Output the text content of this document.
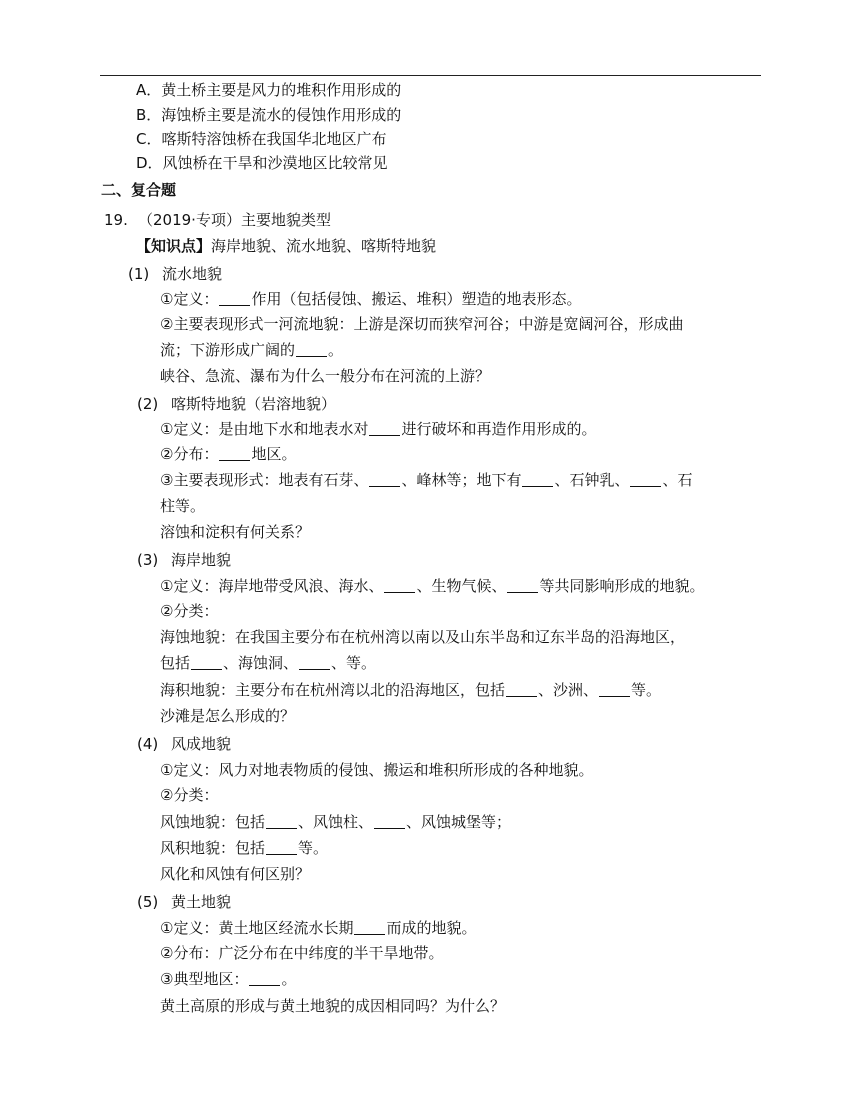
A．黄土桥主要是风力的堆积作用形成的
B．海蚀桥主要是流水的侵蚀作用形成的
C．喀斯特溶蚀桥在我国华北地区广布
D．风蚀桥在干旱和沙漠地区比较常见
二、复合题
19. （2019·专项）主要地貌类型
【知识点】海岸地貌、流水地貌、喀斯特地貌
(1) 流水地貌
①定义： 作用（包括侵蚀、搬运、堆积）塑造的地表形态。
②主要表现形式一河流地貌：上游是深切而狭窄河谷；中游是宽阔河谷，形成曲
流；下游形成广阔的 。
峡谷、急流、瀑布为什么一般分布在河流的上游？
(2) 喀斯特地貌（岩溶地貌）
①定义：是由地下水和地表水对 进行破坏和再造作用形成的。
②分布： 地区。
③主要表现形式：地表有石芽、 、峰林等；地下有 、石钟乳、 、石
柱等。
溶蚀和淀积有何关系？
(3) 海岸地貌
①定义：海岸地带受风浪、海水、 、生物气候、 等共同影响形成的地貌。
②分类：
海蚀地貌：在我国主要分布在杭州湾以南以及山东半岛和辽东半岛的沿海地区，
包括 、海蚀洞、 、等。
海积地貌：主要分布在杭州湾以北的沿海地区，包括 、沙洲、 等。
沙滩是怎么形成的？
(4) 风成地貌
①定义：风力对地表物质的侵蚀、搬运和堆积所形成的各种地貌。
②分类：
风蚀地貌：包括 、风蚀柱、 、风蚀城堡等；
风积地貌：包括 等。
风化和风蚀有何区别？
(5) 黄土地貌
①定义：黄土地区经流水长期 而成的地貌。
②分布：广泛分布在中纬度的半干旱地带。
③典型地区： 。
黄土高原的形成与黄土地貌的成因相同吗？为什么？
